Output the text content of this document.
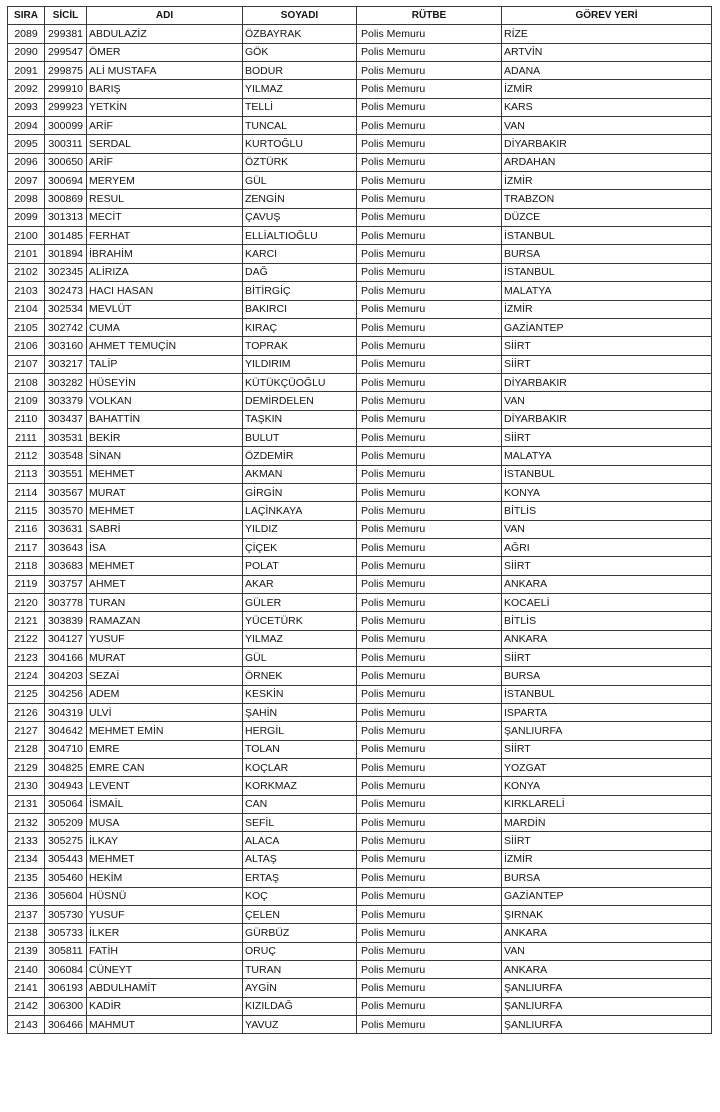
SIRA	SİCİL	ADI	SOYADI	RÜTBE	GÖREV YERİ
2089	299381	ABDULAZİZ	ÖZBAYRAK	Polis Memuru	RİZE
2090	299547	ÖMER	GÖK	Polis Memuru	ARTVİN
2091	299875	ALİ MUSTAFA	BODUR	Polis Memuru	ADANA
2092	299910	BARIŞ	YILMAZ	Polis Memuru	İZMİR
2093	299923	YETKİN	TELLİ	Polis Memuru	KARS
2094	300099	ARİF	TUNCAL	Polis Memuru	VAN
2095	300311	SERDAL	KURTOĞLU	Polis Memuru	DİYARBAKIR
2096	300650	ARİF	ÖZTÜRK	Polis Memuru	ARDAHAN
2097	300694	MERYEM	GÜL	Polis Memuru	İZMİR
2098	300869	RESUL	ZENGİN	Polis Memuru	TRABZON
2099	301313	MECİT	ÇAVUŞ	Polis Memuru	DÜZCE
2100	301485	FERHAT	ELLİALTIOĞLU	Polis Memuru	İSTANBUL
2101	301894	İBRAHİM	KARCI	Polis Memuru	BURSA
2102	302345	ALİRIZA	DAĞ	Polis Memuru	İSTANBUL
2103	302473	HACI HASAN	BİTİRGİÇ	Polis Memuru	MALATYA
2104	302534	MEVLÜT	BAKIRCI	Polis Memuru	İZMİR
2105	302742	CUMA	KIRAÇ	Polis Memuru	GAZİANTEP
2106	303160	AHMET TEMUÇİN	TOPRAK	Polis Memuru	SİİRT
2107	303217	TALİP	YILDIRIM	Polis Memuru	SİİRT
2108	303282	HÜSEYİN	KÜTÜKÇÜOĞLU	Polis Memuru	DİYARBAKIR
2109	303379	VOLKAN	DEMİRDELEN	Polis Memuru	VAN
2110	303437	BAHATTİN	TAŞKIN	Polis Memuru	DİYARBAKIR
2111	303531	BEKİR	BULUT	Polis Memuru	SİİRT
2112	303548	SİNAN	ÖZDEMİR	Polis Memuru	MALATYA
2113	303551	MEHMET	AKMAN	Polis Memuru	İSTANBUL
2114	303567	MURAT	GİRGİN	Polis Memuru	KONYA
2115	303570	MEHMET	LAÇİNKAYA	Polis Memuru	BİTLİS
2116	303631	SABRİ	YILDIZ	Polis Memuru	VAN
2117	303643	İSA	ÇİÇEK	Polis Memuru	AĞRI
2118	303683	MEHMET	POLAT	Polis Memuru	SİİRT
2119	303757	AHMET	AKAR	Polis Memuru	ANKARA
2120	303778	TURAN	GÜLER	Polis Memuru	KOCAELİ
2121	303839	RAMAZAN	YÜCETÜRK	Polis Memuru	BİTLİS
2122	304127	YUSUF	YILMAZ	Polis Memuru	ANKARA
2123	304166	MURAT	GÜL	Polis Memuru	SİİRT
2124	304203	SEZAİ	ÖRNEK	Polis Memuru	BURSA
2125	304256	ADEM	KESKİN	Polis Memuru	İSTANBUL
2126	304319	ULVİ	ŞAHİN	Polis Memuru	ISPARTA
2127	304642	MEHMET EMİN	HERGİL	Polis Memuru	ŞANLIURFA
2128	304710	EMRE	TOLAN	Polis Memuru	SİİRT
2129	304825	EMRE CAN	KOÇLAR	Polis Memuru	YOZGAT
2130	304943	LEVENT	KORKMAZ	Polis Memuru	KONYA
2131	305064	İSMAİL	CAN	Polis Memuru	KIRKLARELİ
2132	305209	MUSA	SEFİL	Polis Memuru	MARDİN
2133	305275	İLKAY	ALACA	Polis Memuru	SİİRT
2134	305443	MEHMET	ALTAŞ	Polis Memuru	İZMİR
2135	305460	HEKİM	ERTAŞ	Polis Memuru	BURSA
2136	305604	HÜSNÜ	KOÇ	Polis Memuru	GAZİANTEP
2137	305730	YUSUF	ÇELEN	Polis Memuru	ŞIRNAK
2138	305733	İLKER	GÜRBÜZ	Polis Memuru	ANKARA
2139	305811	FATİH	ORUÇ	Polis Memuru	VAN
2140	306084	CÜNEYT	TURAN	Polis Memuru	ANKARA
2141	306193	ABDULHAMİT	AYGİN	Polis Memuru	ŞANLIURFA
2142	306300	KADİR	KIZILDAĞ	Polis Memuru	ŞANLIURFA
2143	306466	MAHMUT	YAVUZ	Polis Memuru	ŞANLIURFA
